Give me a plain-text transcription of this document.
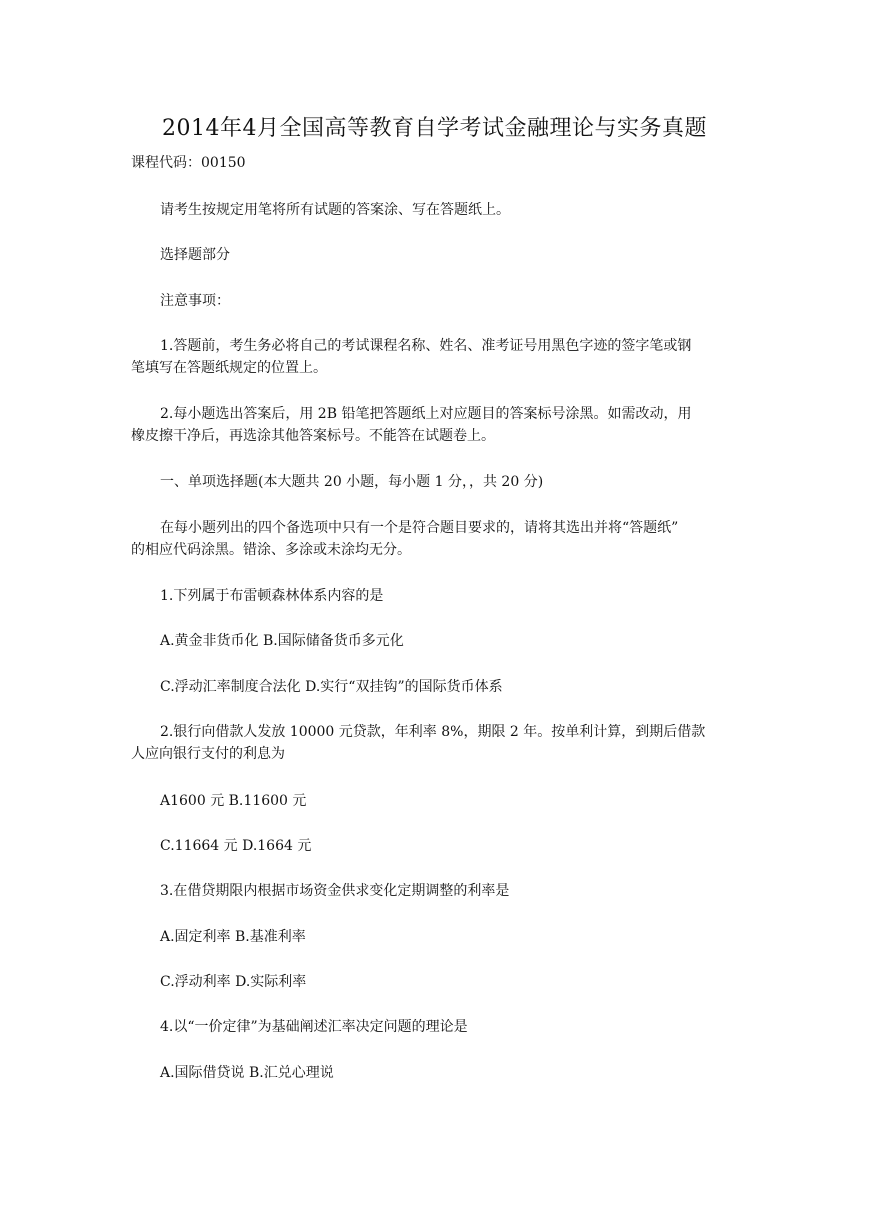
2014年4月全国高等教育自学考试金融理论与实务真题
课程代码：00150
请考生按规定用笔将所有试题的答案涂、写在答题纸上。
选择题部分
注意事项：
1.答题前，考生务必将自己的考试课程名称、姓名、准考证号用黑色字迹的签字笔或钢
笔填写在答题纸规定的位置上。
2.每小题选出答案后，用 2B 铅笔把答题纸上对应题目的答案标号涂黑。如需改动，用
橡皮擦干净后，再选涂其他答案标号。不能答在试题卷上。
一、单项选择题(本大题共 20 小题，每小题 1 分，，共 20 分)
在每小题列出的四个备选项中只有一个是符合题目要求的，请将其选出并将“答题纸”
的相应代码涂黑。错涂、多涂或未涂均无分。
1.下列属于布雷顿森林体系内容的是
A.黄金非货币化 B.国际储备货币多元化
C.浮动汇率制度合法化 D.实行“双挂钩”的国际货币体系
2.银行向借款人发放 10000 元贷款，年利率 8%，期限 2 年。按单利计算，到期后借款
人应向银行支付的利息为
A1600 元 B.11600 元
C.11664 元 D.1664 元
3.在借贷期限内根据市场资金供求变化定期调整的利率是
A.固定利率 B.基准利率
C.浮动利率 D.实际利率
4.以“一价定律”为基础阐述汇率决定问题的理论是
A.国际借贷说 B.汇兑心理说
